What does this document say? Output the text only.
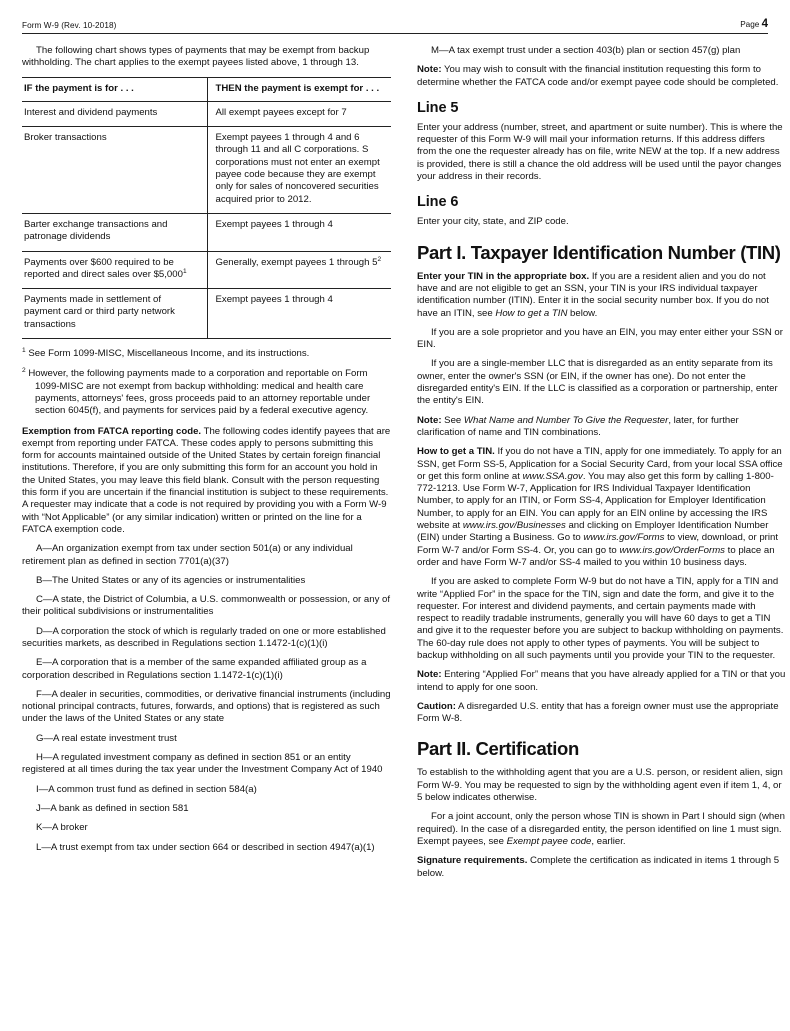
Form W-9 (Rev. 10-2018)	Page 4

The following chart shows types of payments that may be exempt from backup withholding. The chart applies to the exempt payees listed above, 1 through 13.

IF the payment is for . . .	THEN the payment is exempt for . . .
Interest and dividend payments	All exempt payees except for 7
Broker transactions	Exempt payees 1 through 4 and 6 through 11 and all C corporations. S corporations must not enter an exempt payee code because they are exempt only for sales of noncovered securities acquired prior to 2012.
Barter exchange transactions and patronage dividends	Exempt payees 1 through 4
Payments over $600 required to be reported and direct sales over $5,000$^1$	Generally, exempt payees 1 through $5^2$
Payments made in settlement of payment card or third party network transactions	Exempt payees 1 through 4
$^1$ See Form 1099-MISC, Miscellaneous Income, and its instructions.
$^2$ However, the following payments made to a corporation and reportable on Form 1099-MISC are not exempt from backup withholding: medical and health care payments, attorneys' fees, gross proceeds paid to an attorney reportable under section 6045(f), and payments for services paid by a federal executive agency.

Exemption from FATCA reporting code. The following codes identify payees that are exempt from reporting under FATCA. These codes apply to persons submitting this form for accounts maintained outside of the United States by certain foreign financial institutions. Therefore, if you are only submitting this form for an account you hold in the United States, you may leave this field blank. Consult with the person requesting this form if you are uncertain if the financial institution is subject to these requirements. A requester may indicate that a code is not required by providing you with a Form W-9 with “Not Applicable” (or any similar indication) written or printed on the line for a FATCA exemption code.

A—An organization exempt from tax under section 501(a) or any individual retirement plan as defined in section 7701(a)(37)
B—The United States or any of its agencies or instrumentalities
C—A state, the District of Columbia, a U.S. commonwealth or possession, or any of their political subdivisions or instrumentalities
D—A corporation the stock of which is regularly traded on one or more established securities markets, as described in Regulations section 1.1472-1(c)(1)(i)
E—A corporation that is a member of the same expanded affiliated group as a corporation described in Regulations section 1.1472-1(c)(1)(i)
F—A dealer in securities, commodities, or derivative financial instruments (including notional principal contracts, futures, forwards, and options) that is registered as such under the laws of the United States or any state
G—A real estate investment trust
H—A regulated investment company as defined in section 851 or an entity registered at all times during the tax year under the Investment Company Act of 1940
I—A common trust fund as defined in section 584(a)
J—A bank as defined in section 581
K—A broker
L—A trust exempt from tax under section 664 or described in section 4947(a)(1)

M—A tax exempt trust under a section 403(b) plan or section 457(g) plan

Note: You may wish to consult with the financial institution requesting this form to determine whether the FATCA code and/or exempt payee code should be completed.

Line 5

Enter your address (number, street, and apartment or suite number). This is where the requester of this Form W-9 will mail your information returns. If this address differs from the one the requester already has on file, write NEW at the top. If a new address is provided, there is still a chance the old address will be used until the payor changes your address in their records.

Line 6

Enter your city, state, and ZIP code.

Part I. Taxpayer Identification Number (TIN)

Enter your TIN in the appropriate box. If you are a resident alien and you do not have and are not eligible to get an SSN, your TIN is your IRS individual taxpayer identification number (ITIN). Enter it in the social security number box. If you do not have an ITIN, see How to get a TIN below.

If you are a sole proprietor and you have an EIN, you may enter either your SSN or EIN.

If you are a single-member LLC that is disregarded as an entity separate from its owner, enter the owner's SSN (or EIN, if the owner has one). Do not enter the disregarded entity's EIN. If the LLC is classified as a corporation or partnership, enter the entity's EIN.

Note: See What Name and Number To Give the Requester, later, for further clarification of name and TIN combinations.

How to get a TIN. If you do not have a TIN, apply for one immediately. To apply for an SSN, get Form SS-5, Application for a Social Security Card, from your local SSA office or get this form online at www.SSA.gov. You may also get this form by calling 1-800-772-1213. Use Form W-7, Application for IRS Individual Taxpayer Identification Number, to apply for an ITIN, or Form SS-4, Application for Employer Identification Number, to apply for an EIN. You can apply for an EIN online by accessing the IRS website at www.irs.gov/Businesses and clicking on Employer Identification Number (EIN) under Starting a Business. Go to www.irs.gov/Forms to view, download, or print Form W-7 and/or Form SS-4. Or, you can go to www.irs.gov/OrderForms to place an order and have Form W-7 and/or SS-4 mailed to you within 10 business days.

If you are asked to complete Form W-9 but do not have a TIN, apply for a TIN and write “Applied For” in the space for the TIN, sign and date the form, and give it to the requester. For interest and dividend payments, and certain payments made with respect to readily tradable instruments, generally you will have 60 days to get a TIN and give it to the requester before you are subject to backup withholding on payments. The 60-day rule does not apply to other types of payments. You will be subject to backup withholding on all such payments until you provide your TIN to the requester.

Note: Entering “Applied For” means that you have already applied for a TIN or that you intend to apply for one soon.

Caution: A disregarded U.S. entity that has a foreign owner must use the appropriate Form W-8.

Part II. Certification

To establish to the withholding agent that you are a U.S. person, or resident alien, sign Form W-9. You may be requested to sign by the withholding agent even if item 1, 4, or 5 below indicates otherwise.

For a joint account, only the person whose TIN is shown in Part I should sign (when required). In the case of a disregarded entity, the person identified on line 1 must sign. Exempt payees, see Exempt payee code, earlier.

Signature requirements. Complete the certification as indicated in items 1 through 5 below.
